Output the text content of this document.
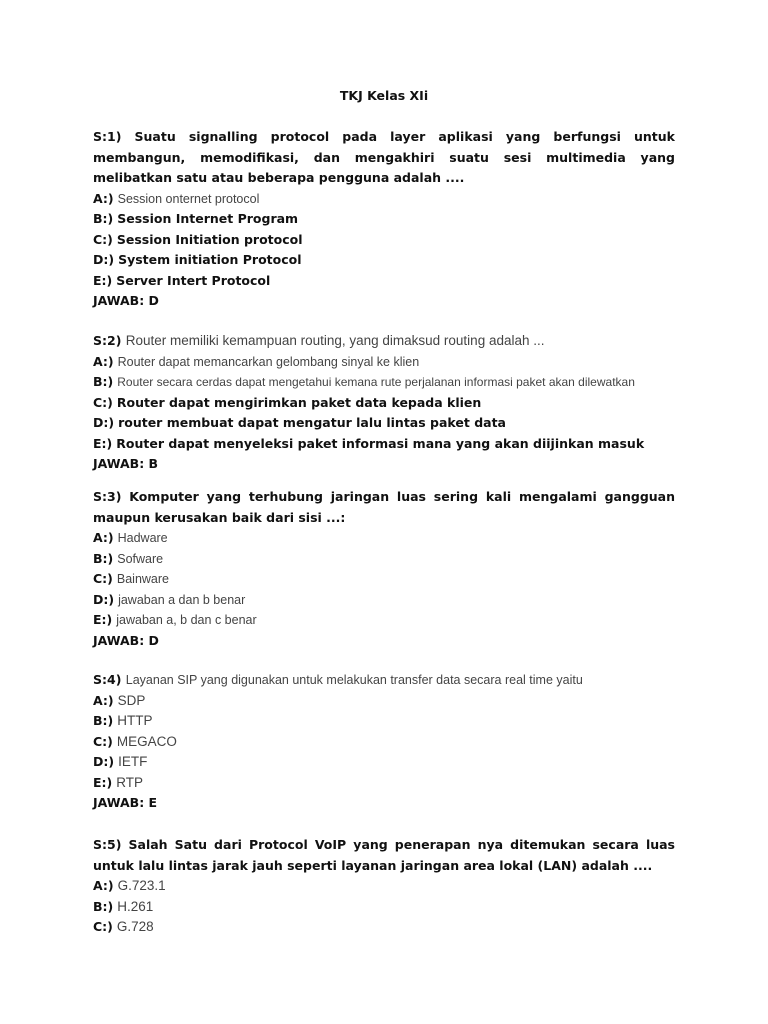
TKJ Kelas XIi
S:1) Suatu signalling protocol pada layer aplikasi yang berfungsi untuk membangun, memodifikasi, dan mengakhiri suatu sesi multimedia yang melibatkan satu atau beberapa pengguna adalah ....
A:) Session onternet protocol
B:) Session Internet Program
C:) Session Initiation protocol
D:) System initiation Protocol
E:) Server Intert Protocol
JAWAB: D
S:2) Router memiliki kemampuan routing, yang dimaksud routing adalah ...
A:) Router dapat memancarkan gelombang sinyal ke klien
B:) Router secara cerdas dapat mengetahui kemana rute perjalanan informasi paket akan dilewatkan
C:) Router dapat mengirimkan paket data kepada klien
D:) router membuat dapat mengatur lalu lintas paket data
E:) Router dapat menyeleksi paket informasi mana yang akan diijinkan masuk
JAWAB: B
S:3) Komputer yang terhubung jaringan luas sering kali mengalami gangguan maupun kerusakan baik dari sisi ...:
A:) Hadware
B:) Sofware
C:) Bainware
D:) jawaban a dan b benar
E:) jawaban a, b dan c benar
JAWAB: D
S:4) Layanan SIP yang digunakan untuk melakukan transfer data secara real time yaitu
A:) SDP
B:) HTTP
C:) MEGACO
D:) IETF
E:) RTP
JAWAB: E
S:5) Salah Satu dari Protocol VoIP yang penerapan nya ditemukan secara luas untuk lalu lintas jarak jauh seperti layanan jaringan area lokal (LAN) adalah ....
A:) G.723.1
B:) H.261
C:) G.728
